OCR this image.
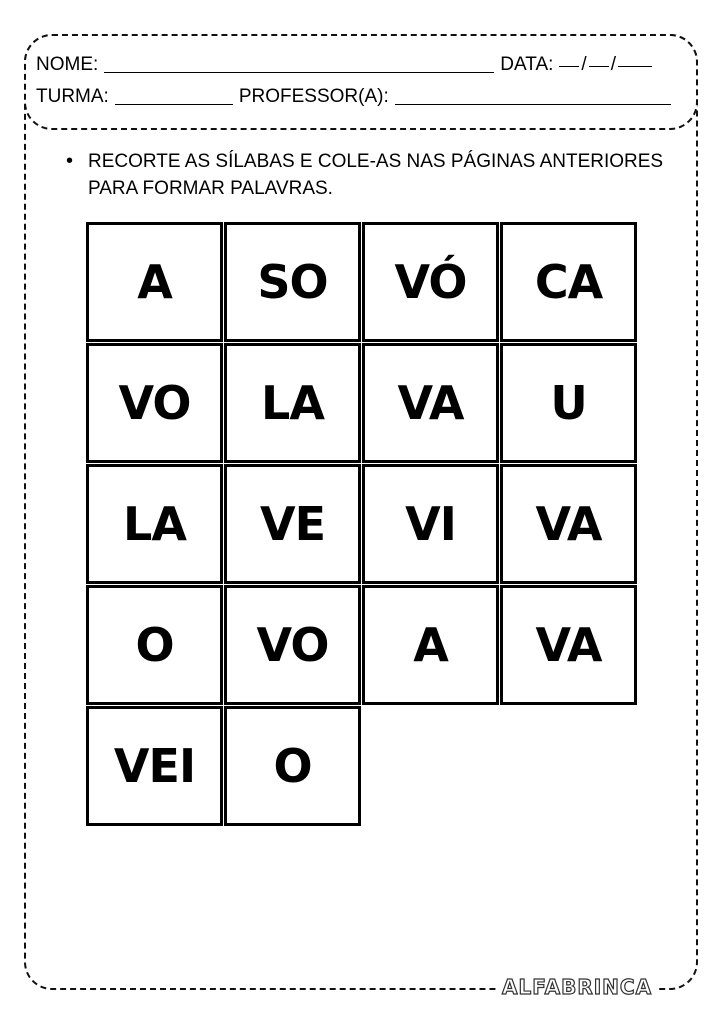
NOME:	DATA:	/ /
TURMA:	PROFESSOR(A):
• RECORTE AS SÍLABAS E COLE-AS NAS PÁGINAS ANTERIORES PARA FORMAR PALAVRAS.
A	SO	VÓ	CA
VO	LA	VA	U
LA	VE	VI	VA
O	VO	A	VA
VEI	O
ALFABRINCA
